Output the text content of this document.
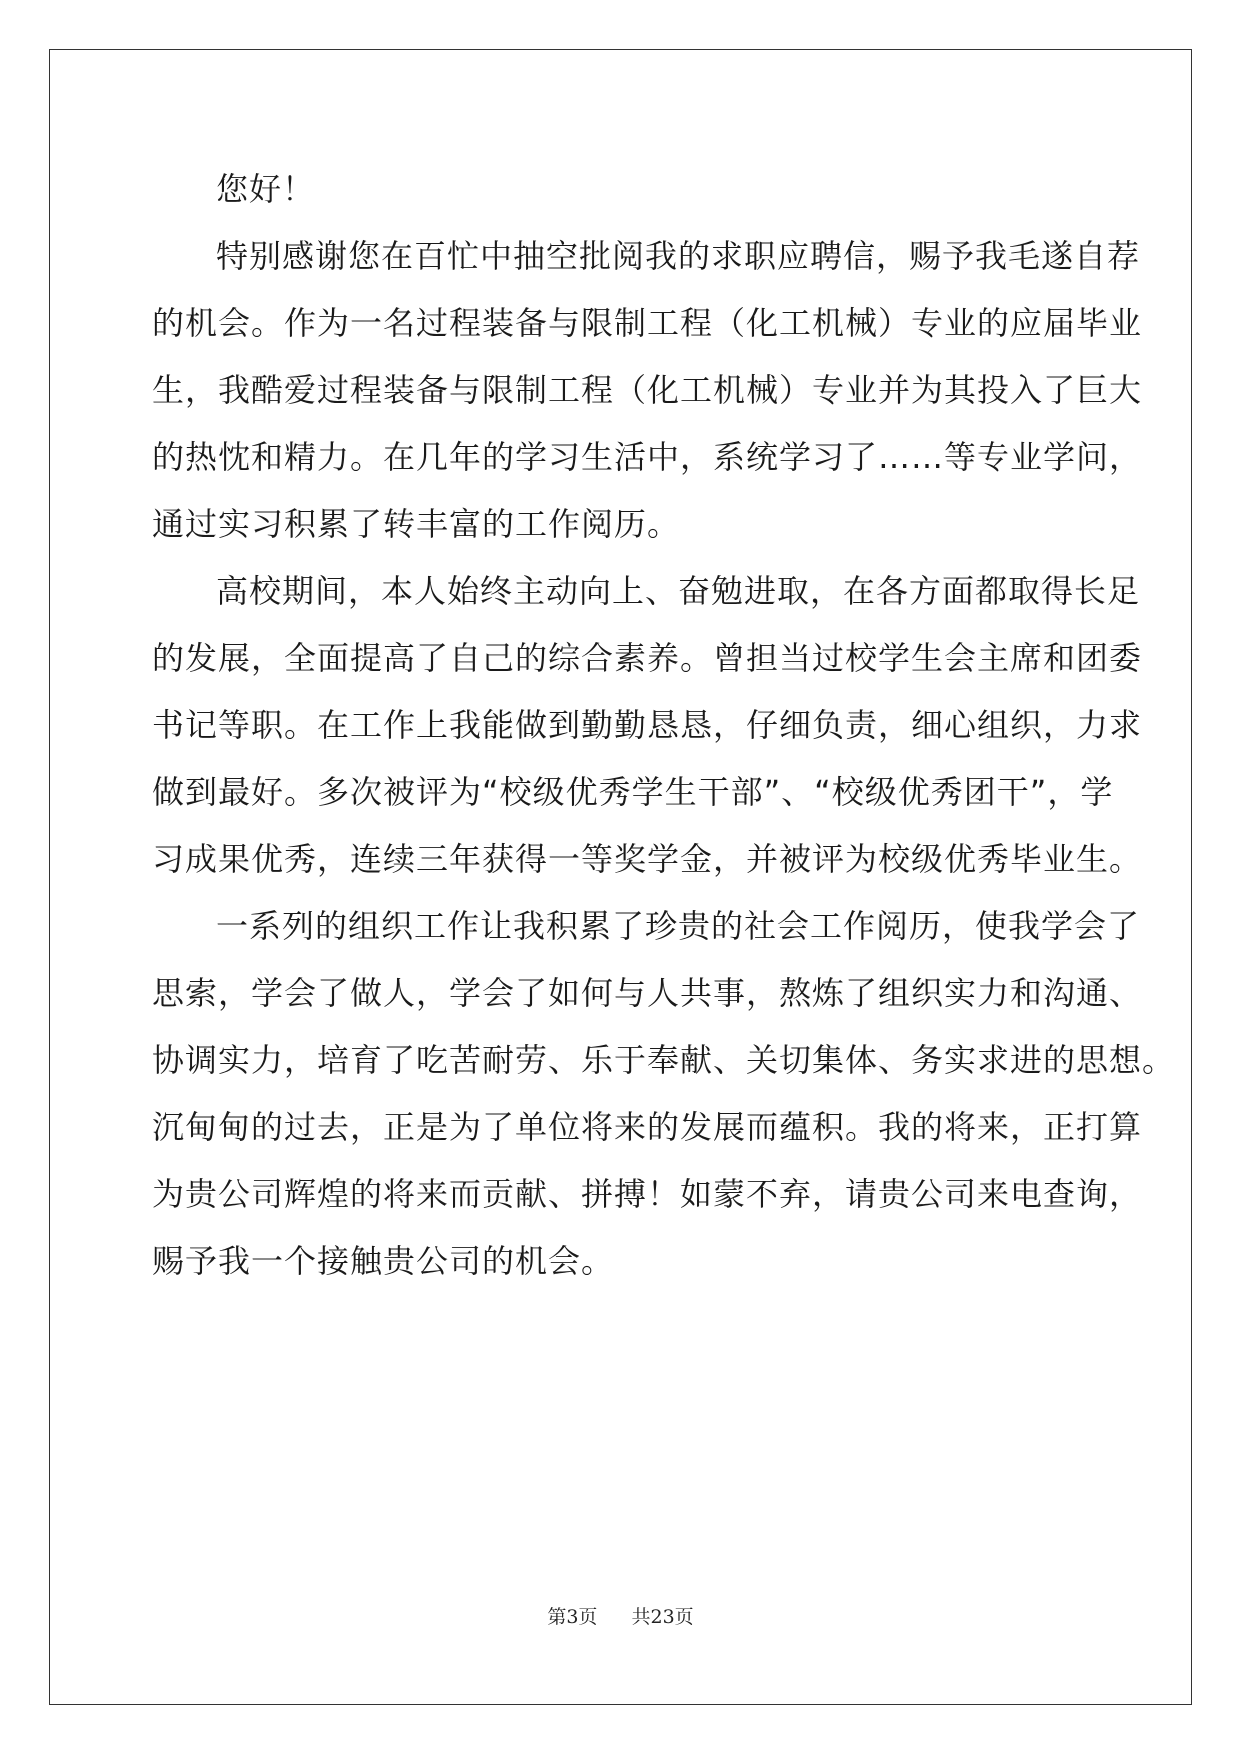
您好！
特别感谢您在百忙中抽空批阅我的求职应聘信，赐予我毛遂自荐
的机会。作为一名过程装备与限制工程（化工机械）专业的应届毕业
生，我酷爱过程装备与限制工程（化工机械）专业并为其投入了巨大
的热忱和精力。在几年的学习生活中，系统学习了……等专业学问，
通过实习积累了转丰富的工作阅历。
高校期间，本人始终主动向上、奋勉进取，在各方面都取得长足
的发展，全面提高了自己的综合素养。曾担当过校学生会主席和团委
书记等职。在工作上我能做到勤勤恳恳，仔细负责，细心组织，力求
做到最好。多次被评为“校级优秀学生干部”、“校级优秀团干”，学
习成果优秀，连续三年获得一等奖学金，并被评为校级优秀毕业生。
一系列的组织工作让我积累了珍贵的社会工作阅历，使我学会了
思索，学会了做人，学会了如何与人共事，熬炼了组织实力和沟通、
协调实力，培育了吃苦耐劳、乐于奉献、关切集体、务实求进的思想。
沉甸甸的过去，正是为了单位将来的发展而蕴积。我的将来，正打算
为贵公司辉煌的将来而贡献、拼搏！如蒙不弃，请贵公司来电查询，
赐予我一个接触贵公司的机会。
第3页 共23页
